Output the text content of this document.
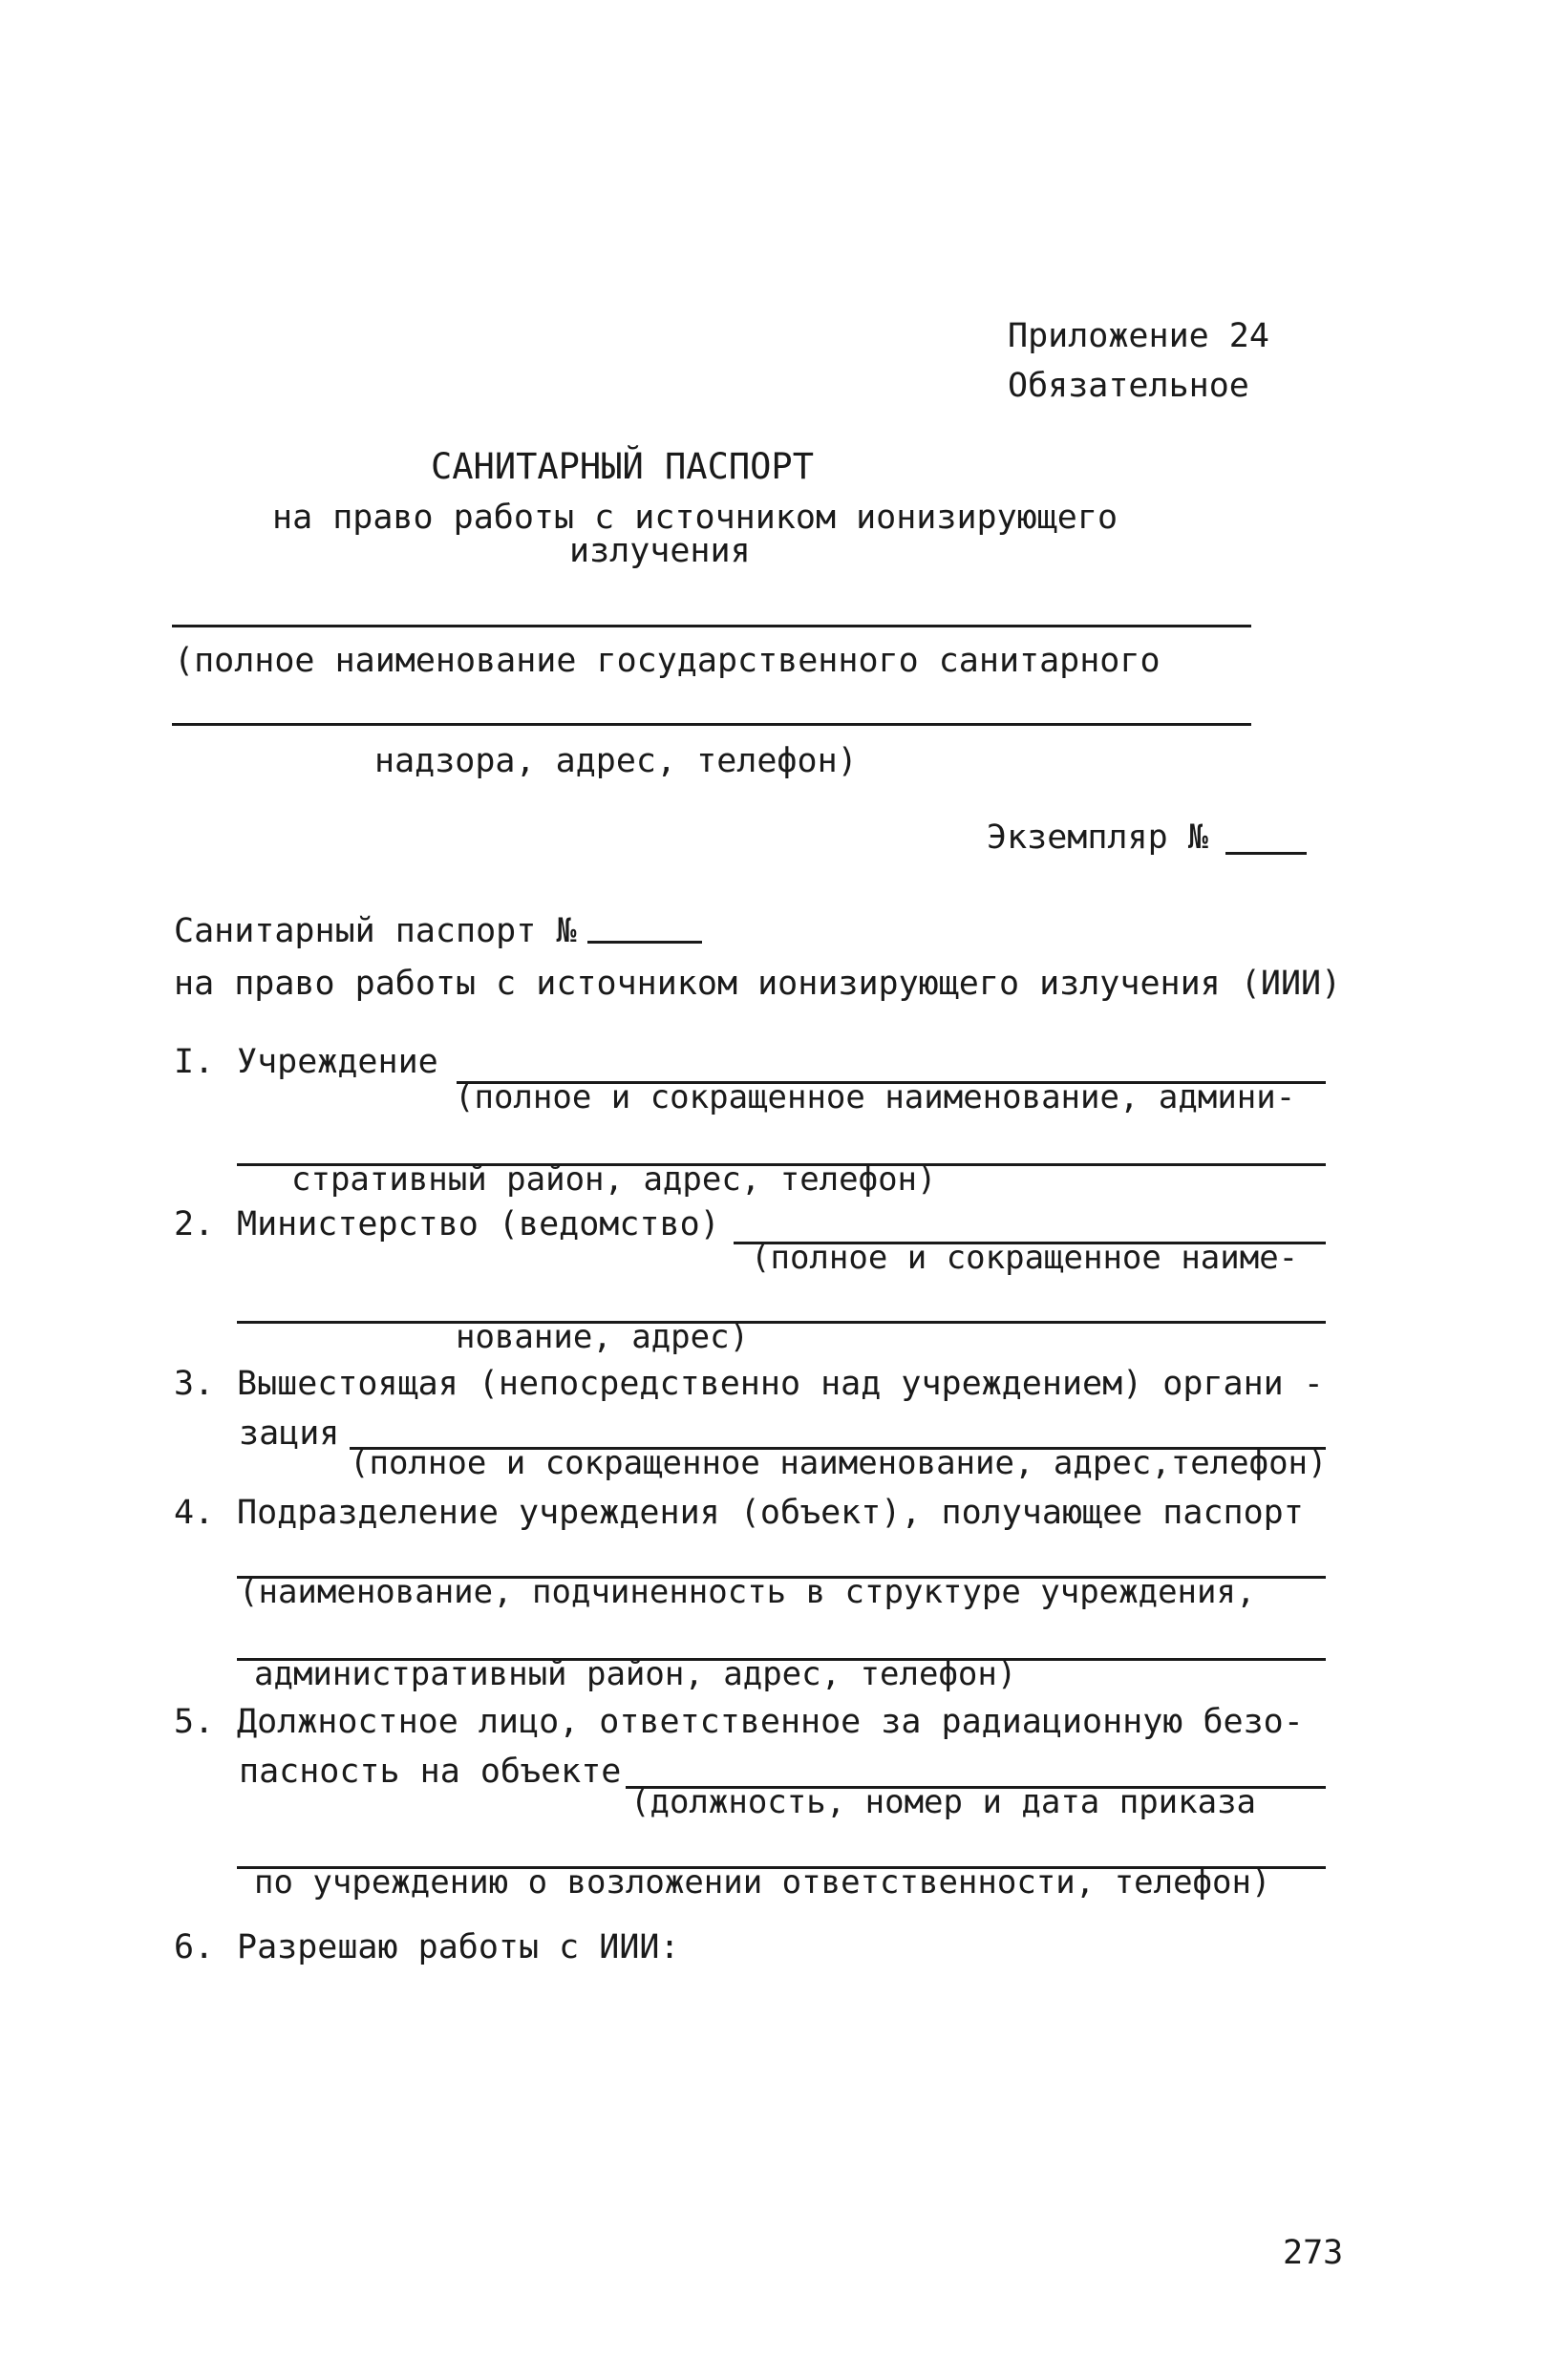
Приложение 24
Обязательное
САНИТАРНЫЙ ПАСПОРТ
на право работы с источником ионизирующего
излучения
(полное наименование государственного санитарного
надзора, адрес, телефон)
Экземпляр №
Санитарный паспорт №
на право работы с источником ионизирующего излучения (ИИИ)
I. Учреждение
(полное и сокращенное наименование, админи-
стративный район, адрес, телефон)
2. Министерство (ведомство)
(полное и сокращенное наиме-
нование, адрес)
3. Вышестоящая (непосредственно над учреждением) органи -
зация
(полное и сокращенное наименование, адрес,телефон)
4. Подразделение учреждения (объект), получающее паспорт
(наименование, подчиненность в структуре учреждения,
административный район, адрес, телефон)
5. Должностное лицо, ответственное за радиационную безо-
пасность на объекте
(должность, номер и дата приказа
по учреждению о возложении ответственности, телефон)
6. Разрешаю работы с ИИИ:
273
